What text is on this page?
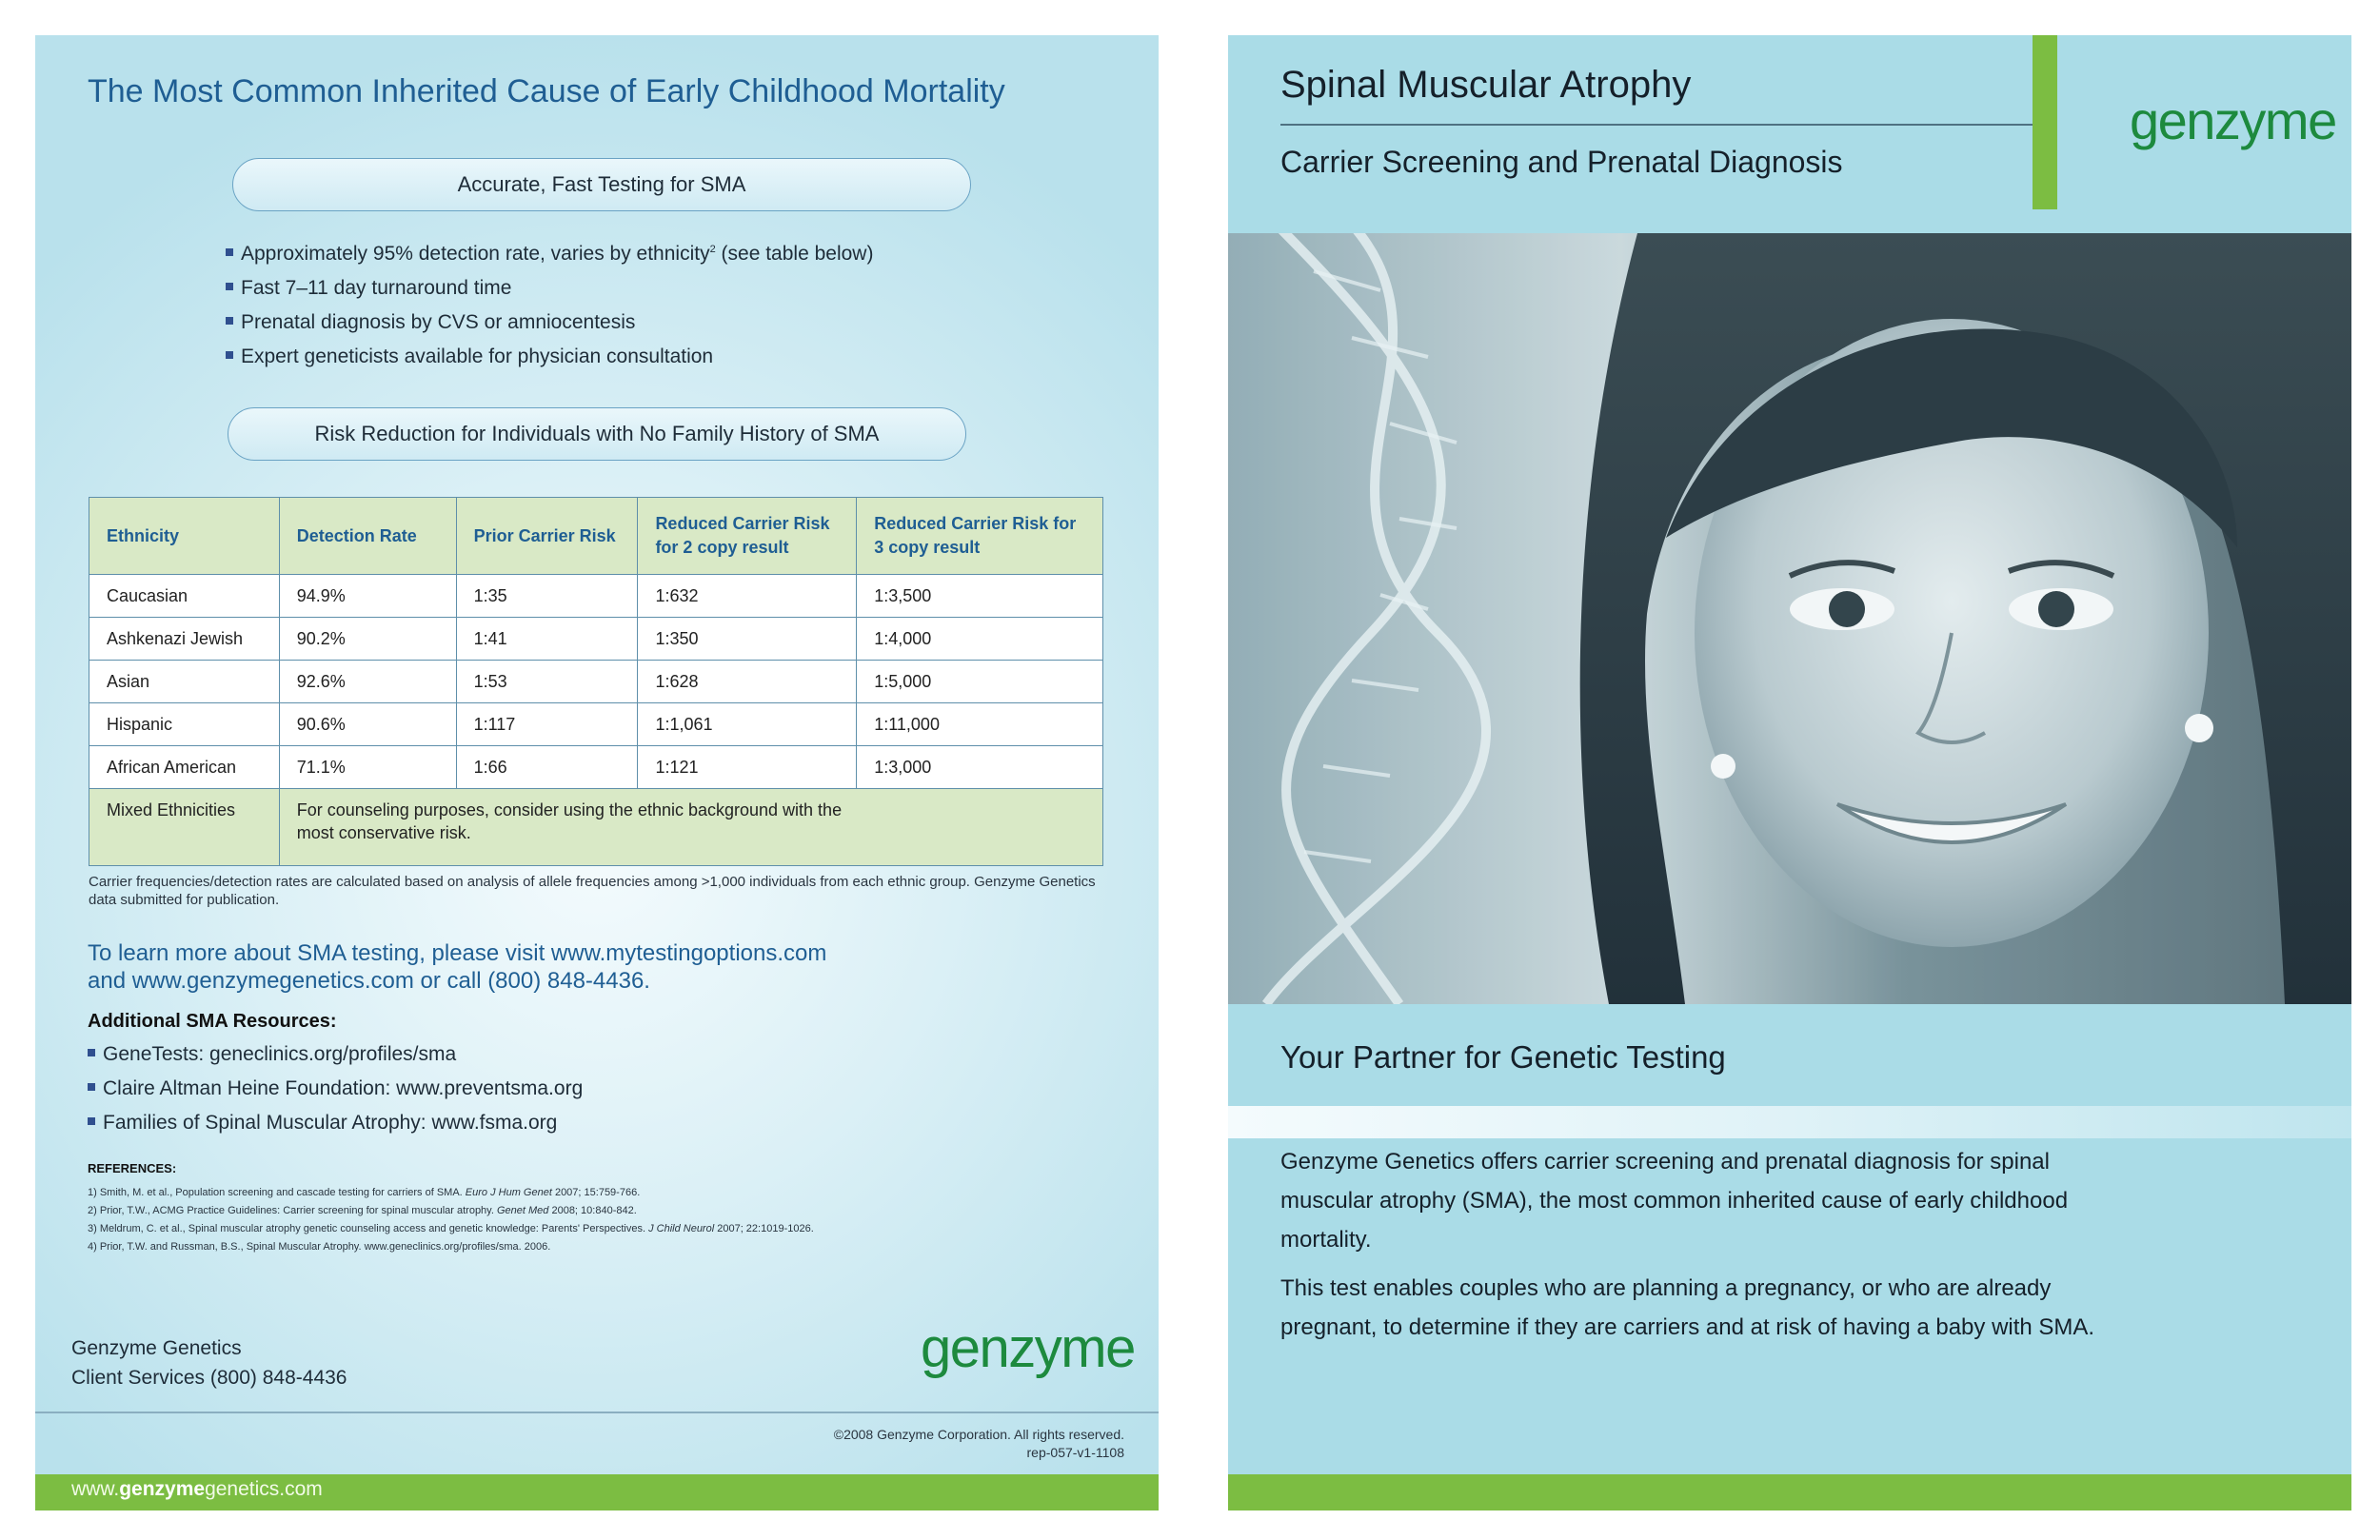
The Most Common Inherited Cause of Early Childhood Mortality
Accurate, Fast Testing for SMA
Approximately 95% detection rate, varies by ethnicity$^2$ (see table below)
Fast 7–11 day turnaround time
Prenatal diagnosis by CVS or amniocentesis
Expert geneticists available for physician consultation
Risk Reduction for Individuals with No Family History of SMA
Ethnicity	Detection Rate	Prior Carrier Risk	Reduced Carrier Risk for 2 copy result	Reduced Carrier Risk for 3 copy result
Caucasian	94.9%	1:35	1:632	1:3,500
Ashkenazi Jewish	90.2%	1:41	1:350	1:4,000
Asian	92.6%	1:53	1:628	1:5,000
Hispanic	90.6%	1:117	1:1,061	1:11,000
African American	71.1%	1:66	1:121	1:3,000
Mixed Ethnicities	For counseling purposes, consider using the ethnic background with the most conservative risk.			
Carrier frequencies/detection rates are calculated based on analysis of allele frequencies among >1,000 individuals from each ethnic group. Genzyme Genetics data submitted for publication.
To learn more about SMA testing, please visit www.mytestingoptions.com
and www.genzymegenetics.com or call (800) 848-4436.
Additional SMA Resources:
GeneTests: geneclinics.org/profiles/sma
Claire Altman Heine Foundation: www.preventsma.org
Families of Spinal Muscular Atrophy: www.fsma.org
REFERENCES:
1) Smith, M. et al., Population screening and cascade testing for carriers of SMA. Euro J Hum Genet 2007; 15:759-766.
2) Prior, T.W., ACMG Practice Guidelines: Carrier screening for spinal muscular atrophy. Genet Med 2008; 10:840-842.
3) Meldrum, C. et al., Spinal muscular atrophy genetic counseling access and genetic knowledge: Parents' Perspectives. J Child Neurol 2007; 22:1019-1026.
4) Prior, T.W. and Russman, B.S., Spinal Muscular Atrophy. www.geneclinics.org/profiles/sma. 2006.
Genzyme Genetics
Client Services (800) 848-4436	genzyme
©2008 Genzyme Corporation. All rights reserved.
rep-057-v1-1108
www.genzymegenetics.com
Spinal Muscular Atrophy
Carrier Screening and Prenatal Diagnosis
genzyme
Your Partner for Genetic Testing

Genzyme Genetics offers carrier screening and prenatal diagnosis for spinal muscular atrophy (SMA), the most common inherited cause of early childhood mortality.

This test enables couples who are planning a pregnancy, or who are already pregnant, to determine if they are carriers and at risk of having a baby with SMA.
